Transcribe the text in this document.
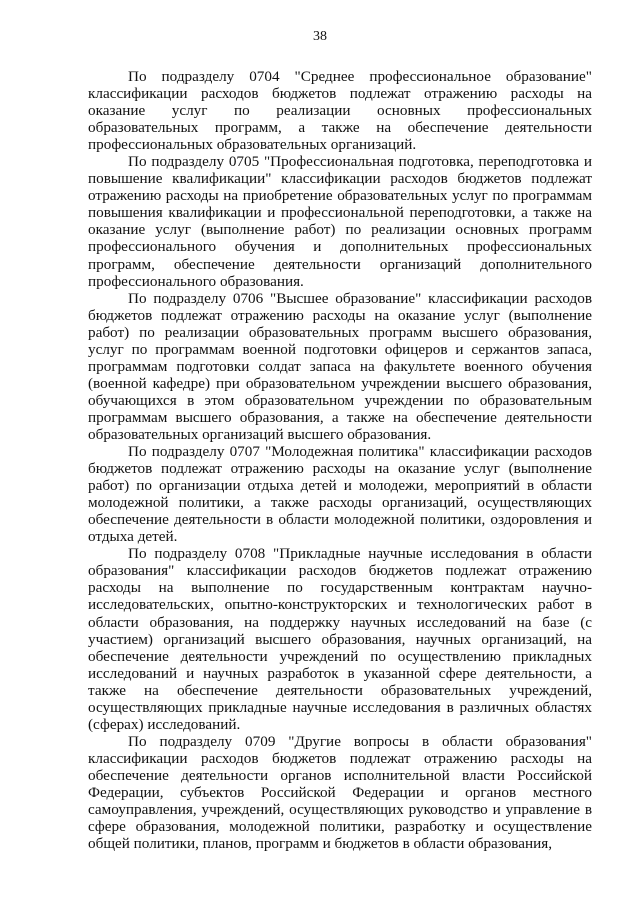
38

По подразделу 0704 "Среднее профессиональное образование" классификации расходов бюджетов подлежат отражению расходы на оказание услуг по реализации основных профессиональных образовательных программ, а также на обеспечение деятельности профессиональных образовательных организаций.

По подразделу 0705 "Профессиональная подготовка, переподготовка и повышение квалификации" классификации расходов бюджетов подлежат отражению расходы на приобретение образовательных услуг по программам повышения квалификации и профессиональной переподготовки, а также на оказание услуг (выполнение работ) по реализации основных программ профессионального обучения и дополнительных профессиональных программ, обеспечение деятельности организаций дополнительного профессионального образования.

По подразделу 0706 "Высшее образование" классификации расходов бюджетов подлежат отражению расходы на оказание услуг (выполнение работ) по реализации образовательных программ высшего образования, услуг по программам военной подготовки офицеров и сержантов запаса, программам подготовки солдат запаса на факультете военного обучения (военной кафедре) при образовательном учреждении высшего образования, обучающихся в этом образовательном учреждении по образовательным программам высшего образования, а также на обеспечение деятельности образовательных организаций высшего образования.

По подразделу 0707 "Молодежная политика" классификации расходов бюджетов подлежат отражению расходы на оказание услуг (выполнение работ) по организации отдыха детей и молодежи, мероприятий в области молодежной политики, а также расходы организаций, осуществляющих обеспечение деятельности в области молодежной политики, оздоровления и отдыха детей.

По подразделу 0708 "Прикладные научные исследования в области образования" классификации расходов бюджетов подлежат отражению расходы на выполнение по государственным контрактам научно-исследовательских, опытно-конструкторских и технологических работ в области образования, на поддержку научных исследований на базе (с участием) организаций высшего образования, научных организаций, на обеспечение деятельности учреждений по осуществлению прикладных исследований и научных разработок в указанной сфере деятельности, а также на обеспечение деятельности образовательных учреждений, осуществляющих прикладные научные исследования в различных областях (сферах) исследований.

По подразделу 0709 "Другие вопросы в области образования" классификации расходов бюджетов подлежат отражению расходы на обеспечение деятельности органов исполнительной власти Российской Федерации, субъектов Российской Федерации и органов местного самоуправления, учреждений, осуществляющих руководство и управление в сфере образования, молодежной политики, разработку и осуществление общей политики, планов, программ и бюджетов в области образования,
